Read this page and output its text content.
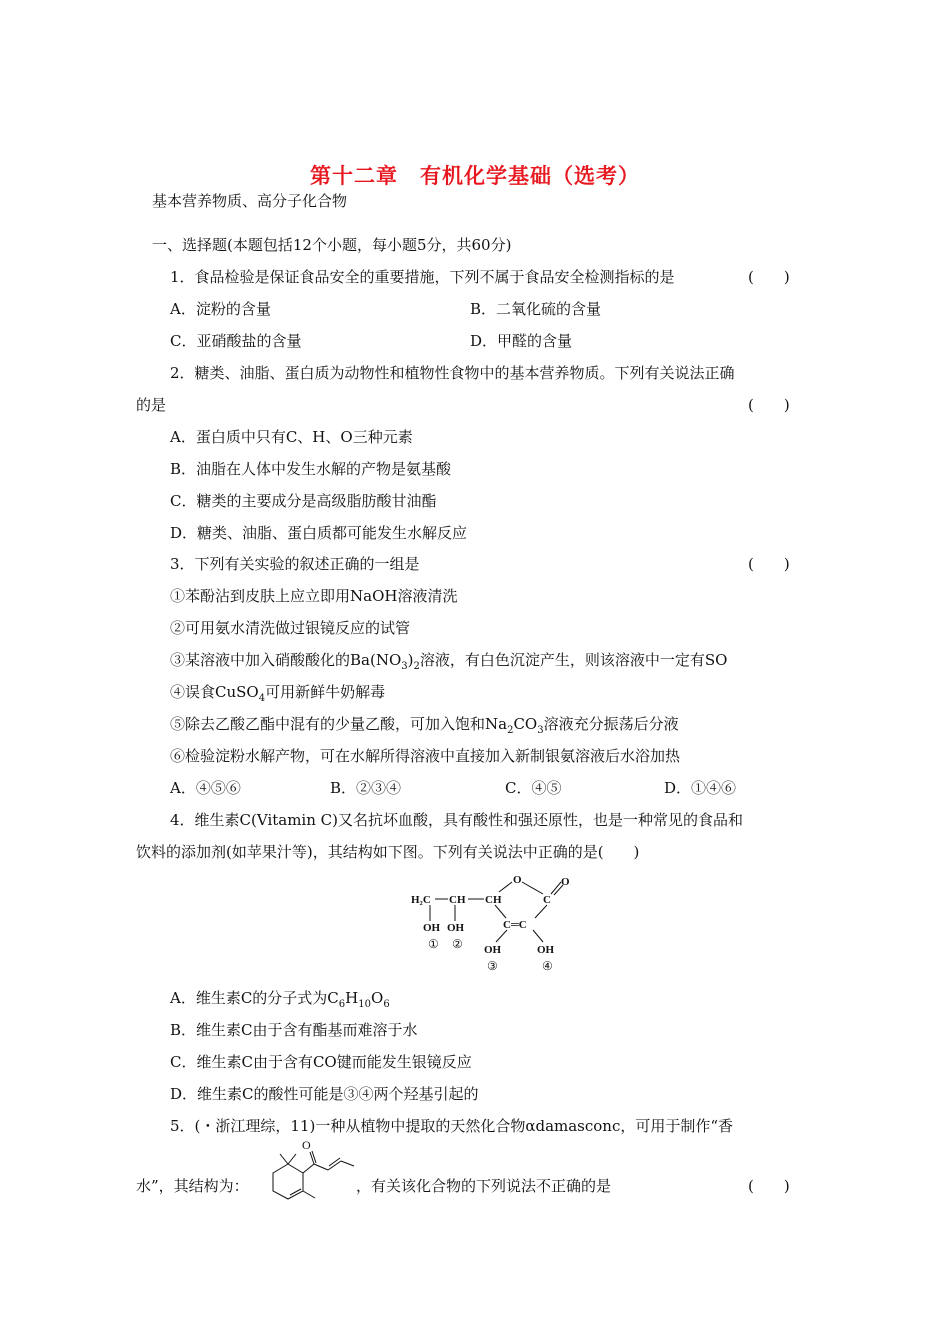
第十二章　有机化学基础（选考）
基本营养物质、高分子化合物
一、选择题(本题包括12个小题，每小题5分，共60分)
1．食品检验是保证食品安全的重要措施，下列不属于食品安全检测指标的是	(　　)
A．淀粉的含量	B．二氧化硫的含量
C．亚硝酸盐的含量	D．甲醛的含量
2．糖类、油脂、蛋白质为动物性和植物性食物中的基本营养物质。下列有关说法正确
的是	(　　)
A．蛋白质中只有C、H、O三种元素
B．油脂在人体中发生水解的产物是氨基酸
C．糖类的主要成分是高级脂肪酸甘油酯
D．糖类、油脂、蛋白质都可能发生水解反应
3．下列有关实验的叙述正确的一组是	(　　)
①苯酚沾到皮肤上应立即用NaOH溶液清洗
②可用氨水清洗做过银镜反应的试管
③某溶液中加入硝酸酸化的$Ba(NO_3)_2$溶液，有白色沉淀产生，则该溶液中一定有SO
④误食CuSO$_4$可用新鲜牛奶解毒
⑤除去乙酸乙酯中混有的少量乙酸，可加入饱和$Na_2CO_3$溶液充分振荡后分液
⑥检验淀粉水解产物，可在水解所得溶液中直接加入新制银氨溶液后水浴加热
A．④⑤⑥	B．②③④	C．④⑤	D．①④⑥
4．维生素C(Vitamin C)又名抗坏血酸，具有酸性和强还原性，也是一种常见的食品和
饮料的添加剂(如苹果汁等)，其结构如下图。下列有关说法中正确的是(　　)
H₂C CH CH
O
C
O
C═C
OH OH
OH	OH
① ②
③	④
A．维生素C的分子式为$C_6H_{10}O_6$
B．维生素C由于含有酯基而难溶于水
C．维生素C由于含有CO键而能发生银镜反应
D．维生素C的酸性可能是③④两个羟基引起的
5．(・浙江理综，11)一种从植物中提取的天然化合物αdamasconc，可用于制作“香
水”，其结构为：
O
，有关该化合物的下列说法不正确的是	(　　)
